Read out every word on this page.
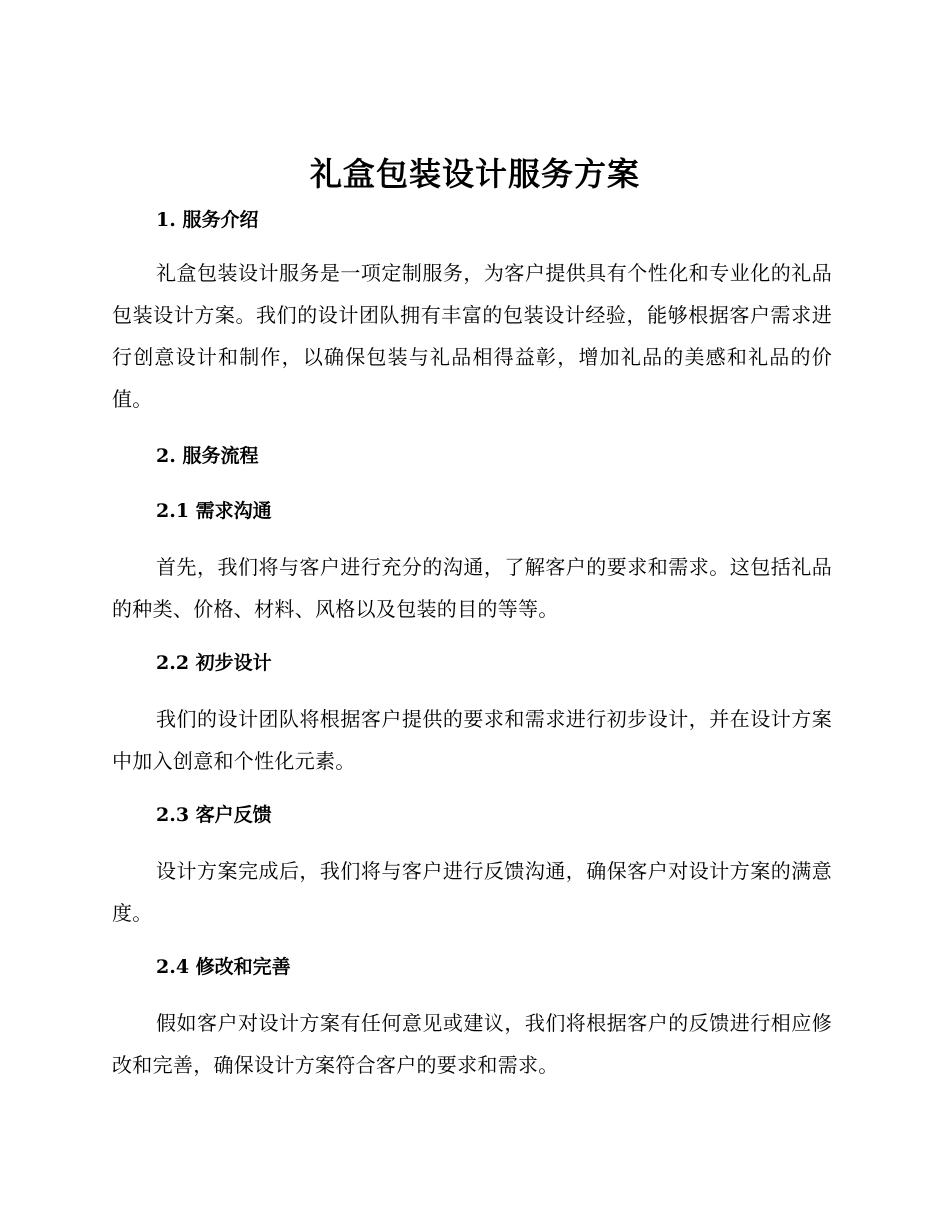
礼盒包装设计服务方案
1. 服务介绍

礼盒包装设计服务是一项定制服务，为客户提供具有个性化和专业化的礼品包装设计方案。我们的设计团队拥有丰富的包装设计经验，能够根据客户需求进行创意设计和制作，以确保包装与礼品相得益彰，增加礼品的美感和礼品的价值。

2. 服务流程
2.1 需求沟通

首先，我们将与客户进行充分的沟通，了解客户的要求和需求。这包括礼品的种类、价格、材料、风格以及包装的目的等等。

2.2 初步设计

我们的设计团队将根据客户提供的要求和需求进行初步设计，并在设计方案中加入创意和个性化元素。

2.3 客户反馈

设计方案完成后，我们将与客户进行反馈沟通，确保客户对设计方案的满意度。

2.4 修改和完善

假如客户对设计方案有任何意见或建议，我们将根据客户的反馈进行相应修改和完善，确保设计方案符合客户的要求和需求。
